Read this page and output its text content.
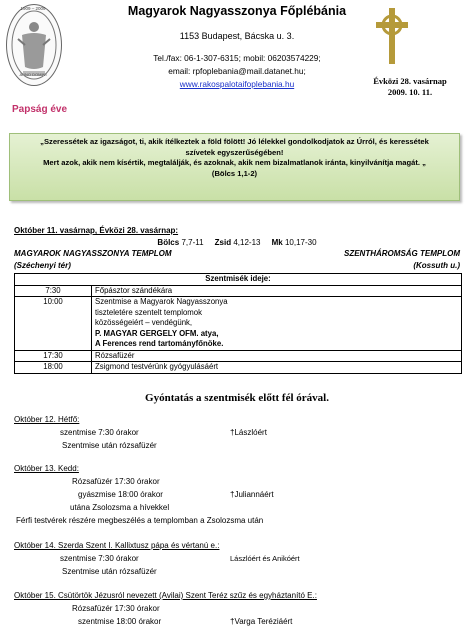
1909 – 2009
ANNO DOMINI
Papság éve
Magyarok Nagyasszonya Főplébánia
1153 Budapest, Bácska u. 3.
Tel./fax: 06-1-307-6315; mobil: 06203574229;
email: rpfoplebania@mail.datanet.hu;
www.rakospalotaifoplebania.hu	Évközi 28. vasárnap
2009. 10. 11.
„Szeressétek az igazságot, ti, akik ítélkeztek a föld fölött! Jó lélekkel gondolkodjatok az Úrról, és keressétek
szívetek egyszerűségében!
Mert azok, akik nem kísértik, megtalálják, és azoknak, akik nem bizalmatlanok iránta, kinyilvánítja magát. „
(Bölcs 1,1-2)
Október 11. vasárnap, Évközi 28. vasárnap:
Bölcs 7,7-11 Zsid 4,12-13 Mk 10,17-30
MAGYAROK NAGYASSZONYA TEMPLOM
(Széchenyi tér)
SZENTHÁROMSÁG TEMPLOM
(Kossuth u.)
Szentmisék ideje:	
7:30	Főpásztor szándékára
10:00	Szentmise a Magyarok Nagyasszonya
tiszteletére szentelt templomok
közösségeiért – vendégünk,
P. MAGYAR GERGELY OFM. atya,
A Ferences rend tartományfőnöke.

17:30	Rózsafüzér
18:00	Zsigmond testvérünk gyógyulásáért
Gyóntatás a szentmisék előtt fél órával.
Október 12. Hétfő:
szentmise 7:30 órakor	†Lászlóért
Szentmise után rózsafüzér
Október 13. Kedd:
Rózsafüzér 17:30 órakor
gyászmise 18:00 órakor	†Juliannáért
utána Zsolozsma a hívekkel
Férfi testvérek részére megbeszélés a templomban a Zsolozsma után
Október 14. Szerda Szent I. Kallixtusz pápa és vértanú e.:
szentmise 7:30 órakor	Lászlóért és Anikóért
Szentmise után rózsafüzér
Október 15. Csütörtök Jézusról nevezett (Avilai) Szent Teréz szűz és egyháztanító E.:
Rózsafüzér 17:30 órakor
szentmise 18:00 órakor	†Varga Teréziáért
